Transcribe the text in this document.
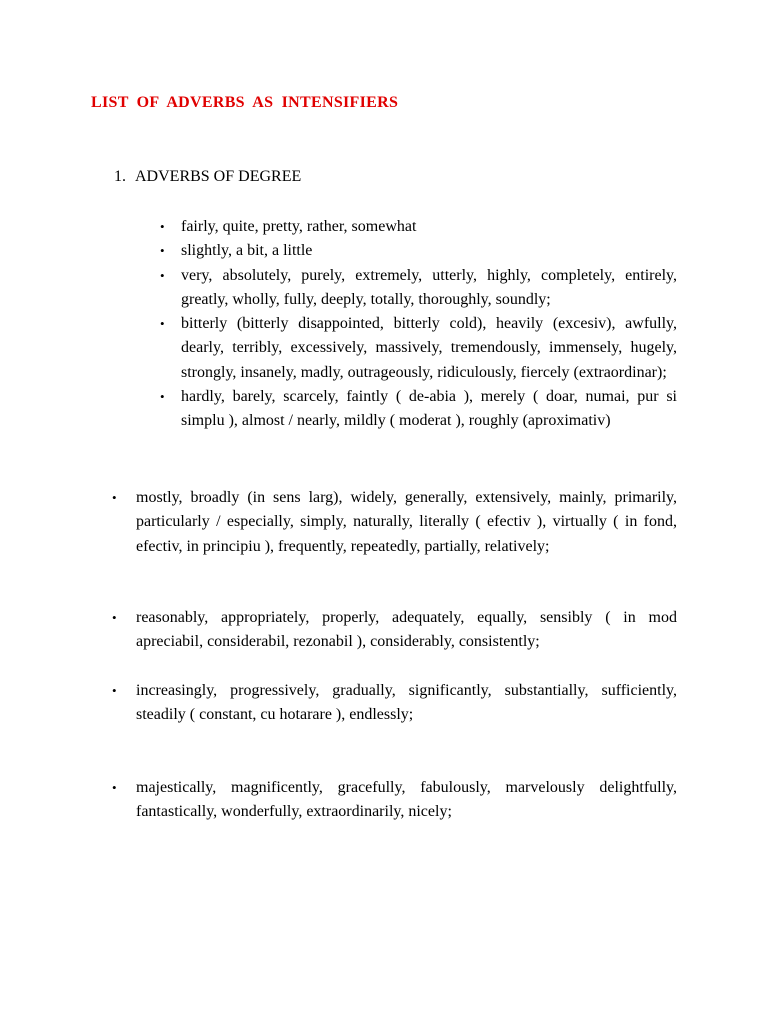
LIST OF ADVERBS AS INTENSIFIERS
1. ADVERBS OF DEGREE
• fairly, quite, pretty, rather, somewhat
• slightly, a bit, a little
• very, absolutely, purely, extremely, utterly, highly, completely, entirely, greatly, wholly, fully, deeply, totally, thoroughly, soundly;
• bitterly (bitterly disappointed, bitterly cold), heavily (excesiv), awfully, dearly, terribly, excessively, massively, tremendously, immensely, hugely, strongly, insanely, madly, outrageously, ridiculously, fiercely (extraordinar);
• hardly, barely, scarcely, faintly ( de-abia ), merely ( doar, numai, pur si simplu ), almost / nearly, mildly ( moderat ), roughly (aproximativ)
• mostly, broadly (in sens larg), widely, generally, extensively, mainly, primarily, particularly / especially, simply, naturally, literally ( efectiv ), virtually ( in fond, efectiv, in principiu ), frequently, repeatedly, partially, relatively;
• reasonably, appropriately, properly, adequately, equally, sensibly ( in mod apreciabil, considerabil, rezonabil ), considerably, consistently;
• increasingly, progressively, gradually, significantly, substantially, sufficiently, steadily ( constant, cu hotarare ), endlessly;
• majestically, magnificently, gracefully, fabulously, marvelously delightfully, fantastically, wonderfully, extraordinarily, nicely;
